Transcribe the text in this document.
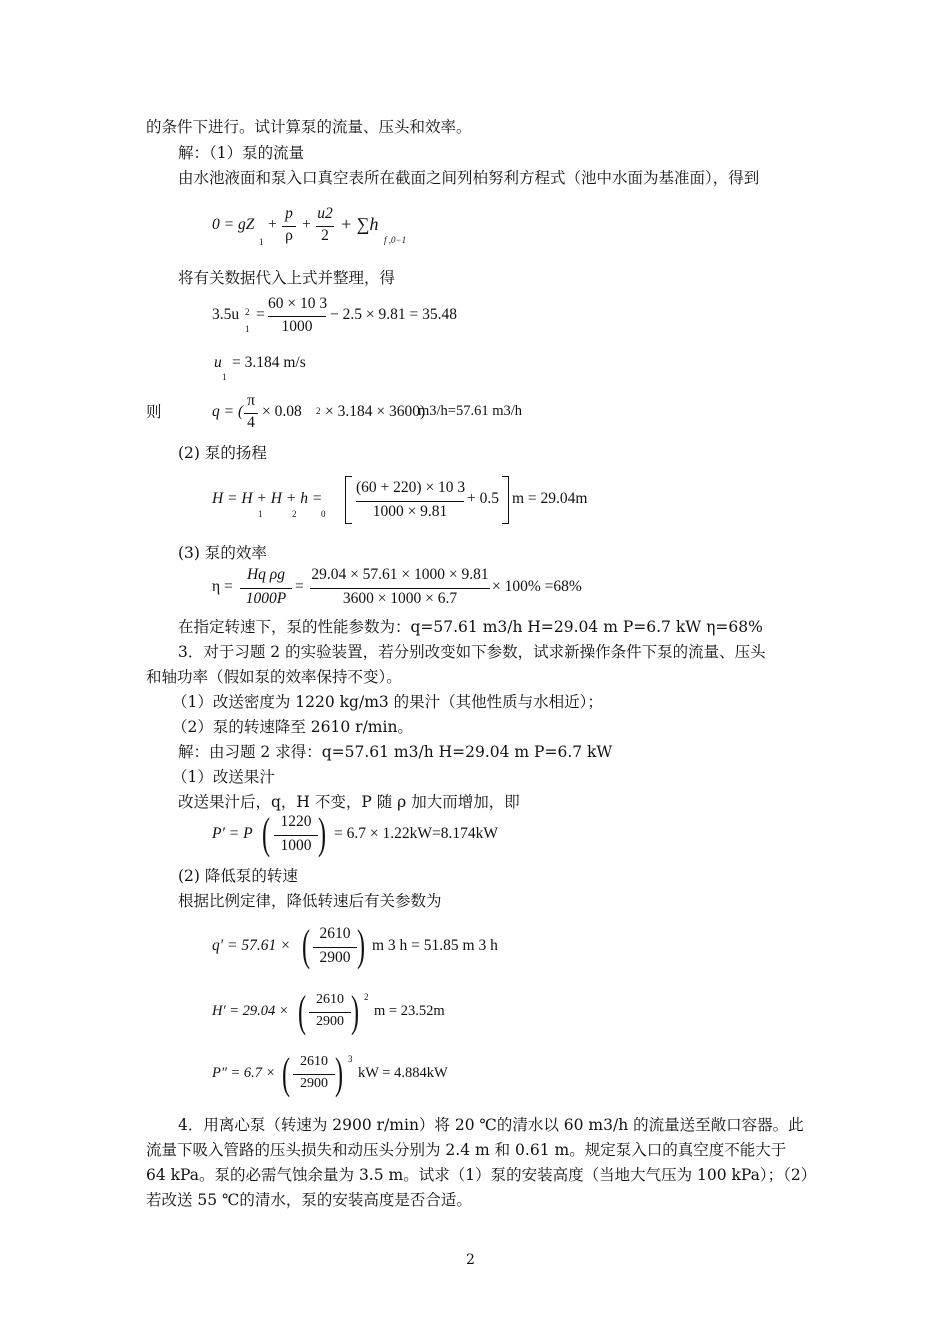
的条件下进行。试计算泵的流量、压头和效率。
解：（1）泵的流量
由水池液面和泵入口真空表所在截面之间列柏努利方程式（池中水面为基准面），得到
0 = gZ
1
+
p
ρ
+
u2
2
+ ∑h
f ,0−1
将有关数据代入上式并整理，得
3.5u 2
1
=
60 × 10 3
1000
− 2.5 × 9.81 = 35.48
u
1
= 3.184 m/s
则	q = (
π
4
× 0.08 2 × 3.184 × 3600)
m3/h=57.61 m3/h
(2) 泵的扬程
H = H + H + h =
1	2	0
(60 + 220) × 10 3
1000 × 9.81
+ 0.5 m = 29.04m
(3) 泵的效率
η =
Hq ρg
1000P
=
29.04 × 57.61 × 1000 × 9.81
3600 × 1000 × 6.7
× 100% =68%
在指定转速下，泵的性能参数为：q=57.61 m3/h H=29.04 m P=6.7 kW η=68%
3．对于习题 2 的实验装置，若分别改变如下参数，试求新操作条件下泵的流量、压头
和轴功率（假如泵的效率保持不变）。
（1）改送密度为 1220 kg/m3 的果汁（其他性质与水相近）；
（2）泵的转速降至 2610 r/min。
解：由习题 2 求得：q=57.61 m3/h H=29.04 m P=6.7 kW
（1）改送果汁
改送果汁后，q，H 不变，P 随 ρ 加大而增加，即
P′ = P ( 1220
1000 ) = 6.7 × 1.22kW=8.174kW
(2) 降低泵的转速
根据比例定律，降低转速后有关参数为
q′ = 57.61 × ( 2610
2900 ) m 3 h = 51.85 m 3 h
H′ = 29.04 × ( 2610
2900 ) 2
m = 23.52m
P″ = 6.7 × ( 2610
2900 ) 3
kW = 4.884kW
4．用离心泵（转速为 2900 r/min）将 20 ℃的清水以 60 m3/h 的流量送至敞口容器。此
流量下吸入管路的压头损失和动压头分别为 2.4 m 和 0.61 m。规定泵入口的真空度不能大于
64 kPa。泵的必需气蚀余量为 3.5 m。试求（1）泵的安装高度（当地大气压为 100 kPa）；（2）
若改送 55 ℃的清水，泵的安装高度是否合适。
2
